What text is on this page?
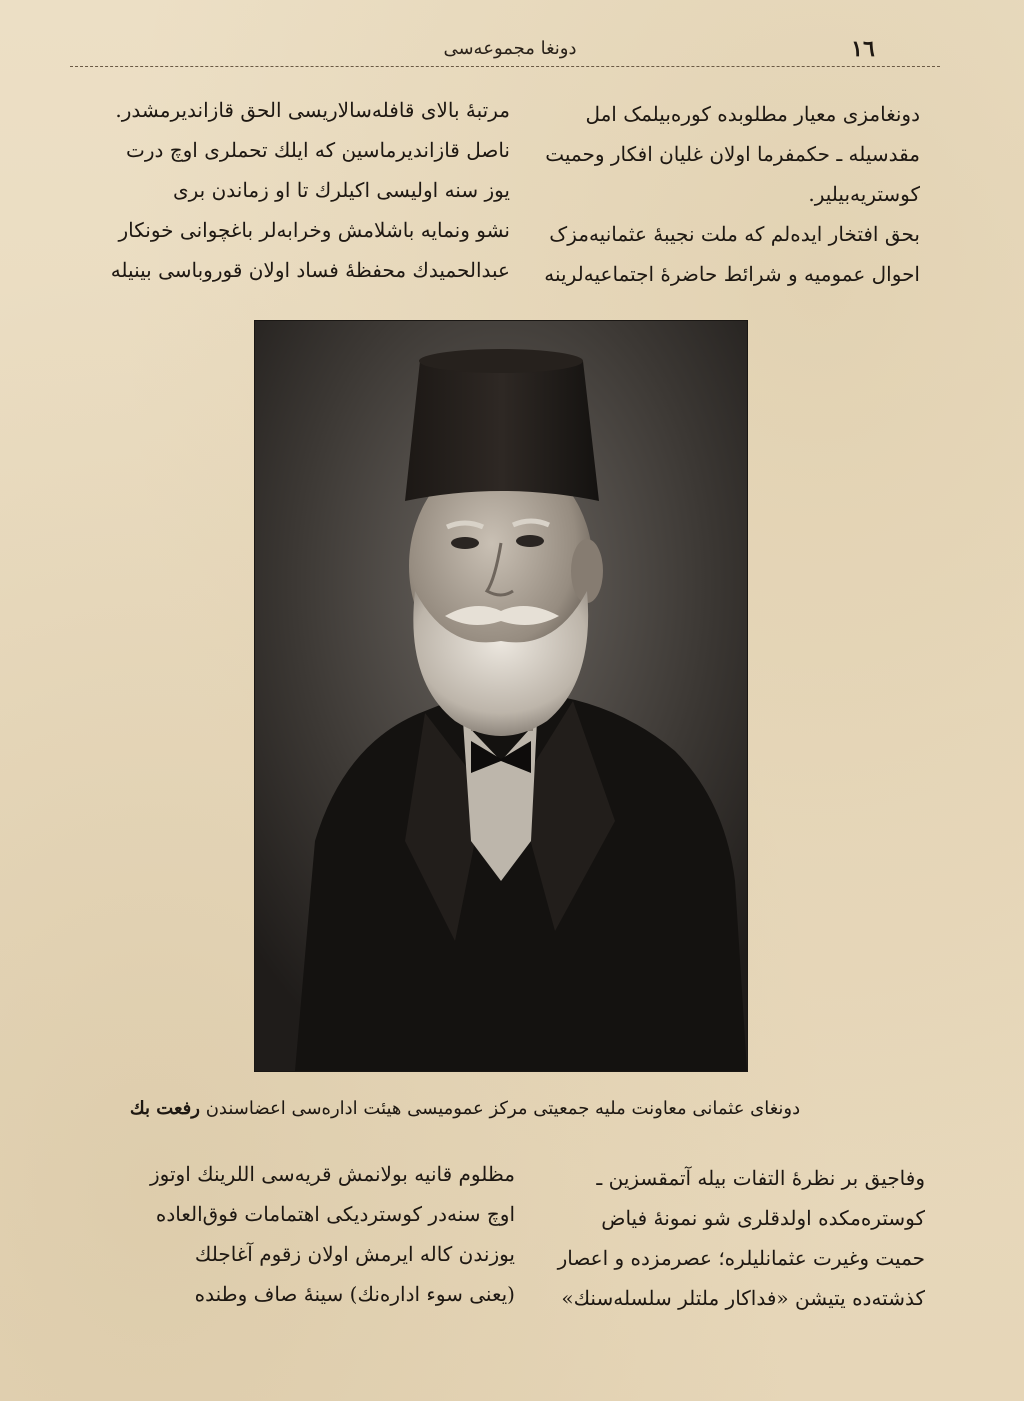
دونغا مجموعه‌سی	١٦
دونغامزی معیار مطلوبده کوره‌بیلمک امل
مقدسیله ـ حکمفرما اولان غلیان افکار وحمیت
کوستریه‌بیلیر.
بحق افتخار ایده‌لم که ملت نجیبهٔ عثمانیه‌مزک
احوال عمومیه و شرائط حاضرهٔ اجتماعیه‌لرینه
مرتبهٔ بالای قافله‌سالاریسی الحق قازاندیرمشدر.
ناصل قازاندیرماسین که ایلك تحملری اوچ درت
یوز سنه اولیسی اکیلرك تا او زماندن بری
نشو ونمایه باشلامش وخرابه‌لر باغچوانی خونکار
عبدالحمیدك محفظهٔ فساد اولان قوروباسی بینیله
دونغای عثمانی معاونت ملیه جمعیتی مرکز عمومیسی هیئت اداره‌سی اعضاسندن رفعت بك
وفاجیق بر نظرهٔ التفات بیله آتمقسزین ـ
کوستره‌مکده اولدقلری شو نمونهٔ فیاض
حمیت وغیرت عثمانلیلره؛ عصرمزده و اعصار
کذشته‌ده یتیشن «فداکار ملتلر سلسله‌سنك»
مظلوم قانیه بولانمش قریه‌سی اللرینك اوتوز
اوچ سنه‌در کوستردیکی اهتمامات فوق‌العاده
یوزندن کاله ایرمش اولان زقوم آغاجلك
(یعنی سوء اداره‌نك) سینهٔ صاف وطنده
